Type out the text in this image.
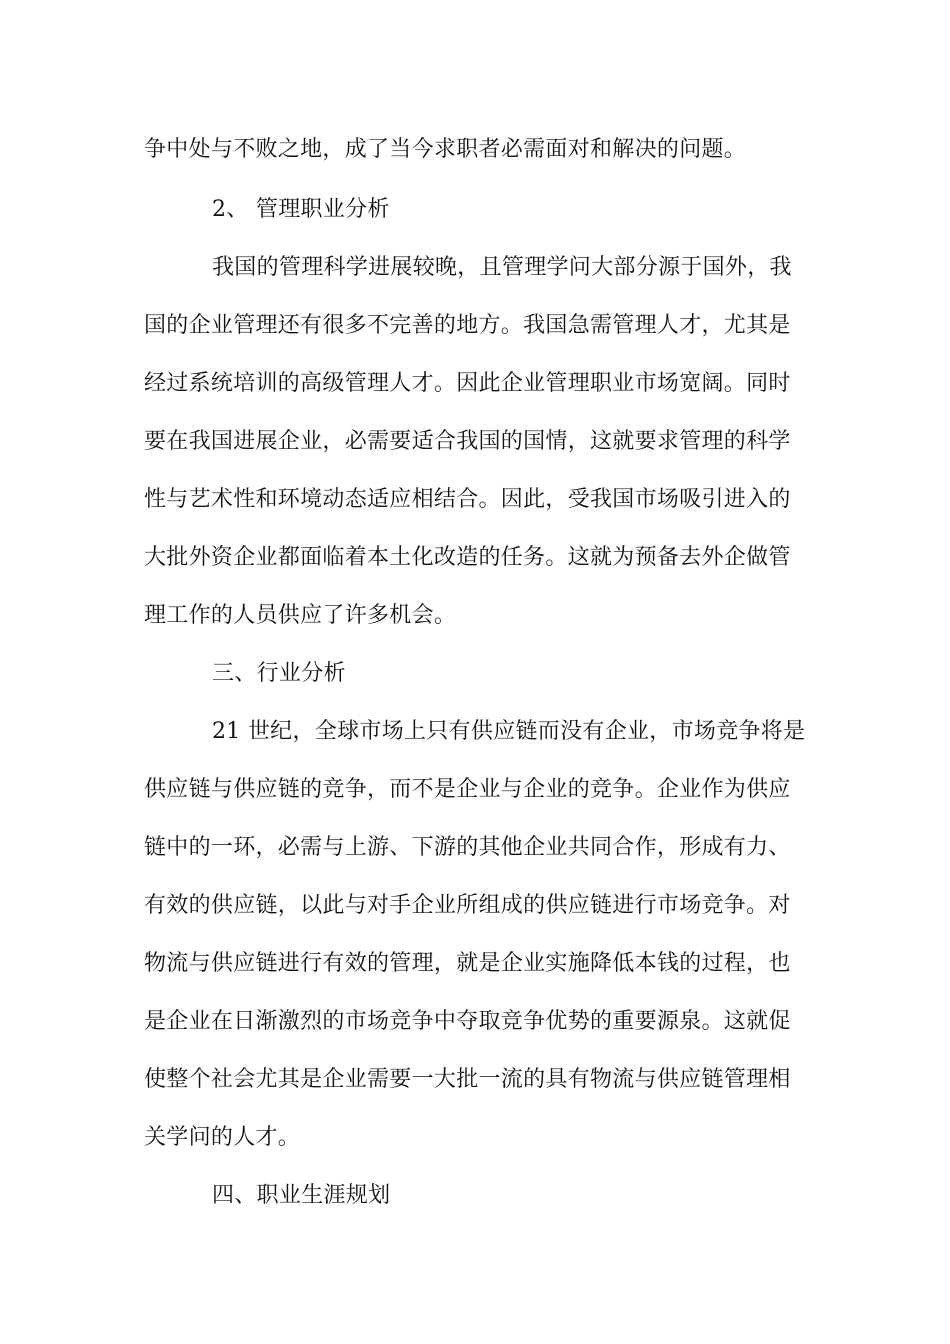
争中处与不败之地，成了当今求职者必需面对和解决的问题。
2、 管理职业分析
我国的管理科学进展较晚，且管理学问大部分源于国外，我
国的企业管理还有很多不完善的地方。我国急需管理人才，尤其是
经过系统培训的高级管理人才。因此企业管理职业市场宽阔。同时
要在我国进展企业，必需要适合我国的国情，这就要求管理的科学
性与艺术性和环境动态适应相结合。因此，受我国市场吸引进入的
大批外资企业都面临着本土化改造的任务。这就为预备去外企做管
理工作的人员供应了许多机会。
三、行业分析
21 世纪，全球市场上只有供应链而没有企业，市场竞争将是
供应链与供应链的竞争，而不是企业与企业的竞争。企业作为供应
链中的一环，必需与上游、下游的其他企业共同合作，形成有力、
有效的供应链，以此与对手企业所组成的供应链进行市场竞争。对
物流与供应链进行有效的管理，就是企业实施降低本钱的过程，也
是企业在日渐激烈的市场竞争中夺取竞争优势的重要源泉。这就促
使整个社会尤其是企业需要一大批一流的具有物流与供应链管理相
关学问的人才。
四、职业生涯规划
